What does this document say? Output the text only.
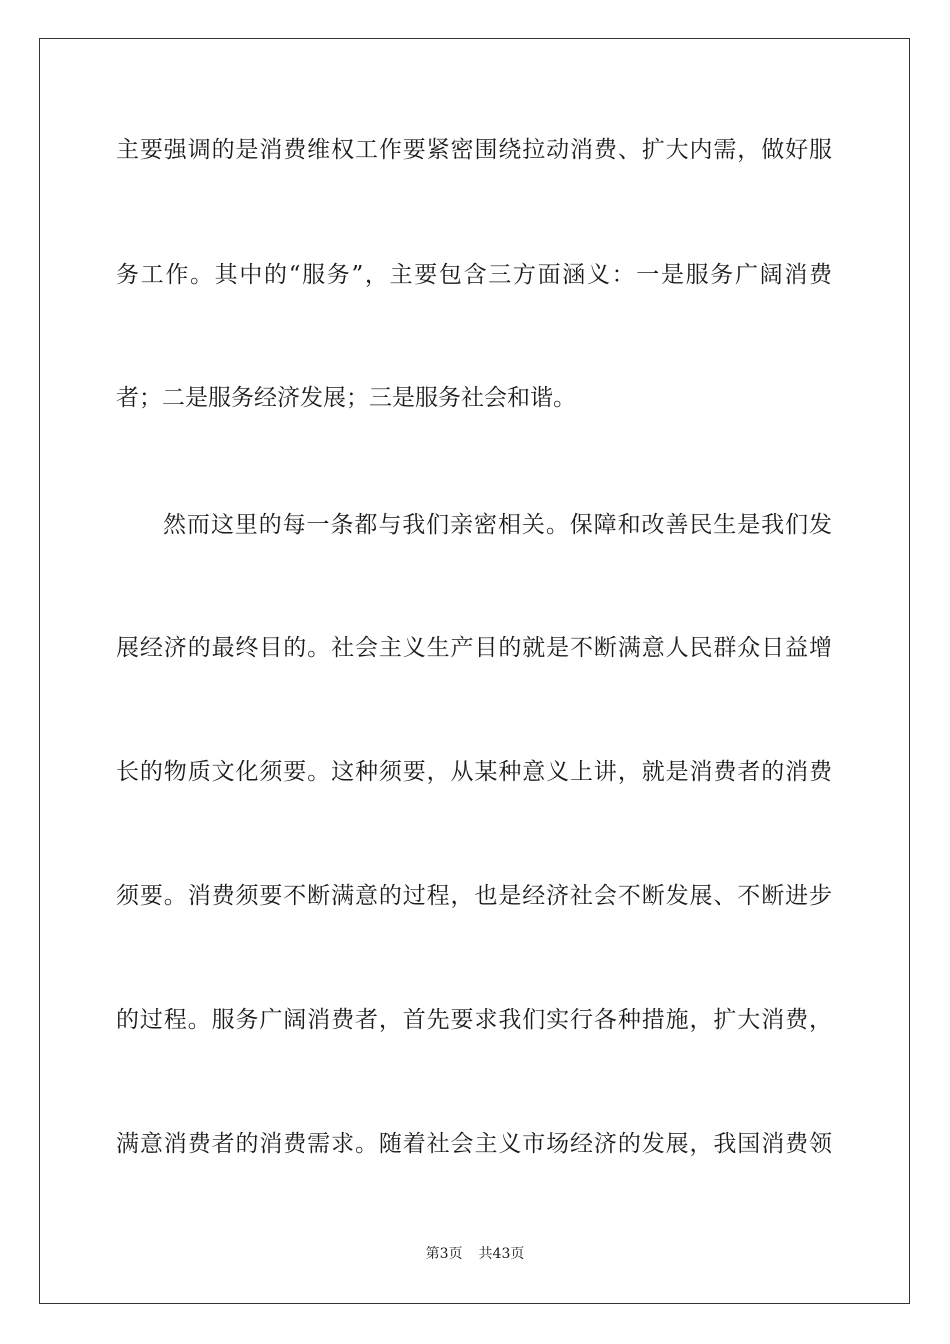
主要强调的是消费维权工作要紧密围绕拉动消费、扩大内需，做好服
务工作。其中的“服务”，主要包含三方面涵义：一是服务广阔消费
者；二是服务经济发展；三是服务社会和谐。
然而这里的每一条都与我们亲密相关。保障和改善民生是我们发
展经济的最终目的。社会主义生产目的就是不断满意人民群众日益增
长的物质文化须要。这种须要，从某种意义上讲，就是消费者的消费
须要。消费须要不断满意的过程，也是经济社会不断发展、不断进步
的过程。服务广阔消费者，首先要求我们实行各种措施，扩大消费，
满意消费者的消费需求。随着社会主义市场经济的发展，我国消费领
第3页 共43页
